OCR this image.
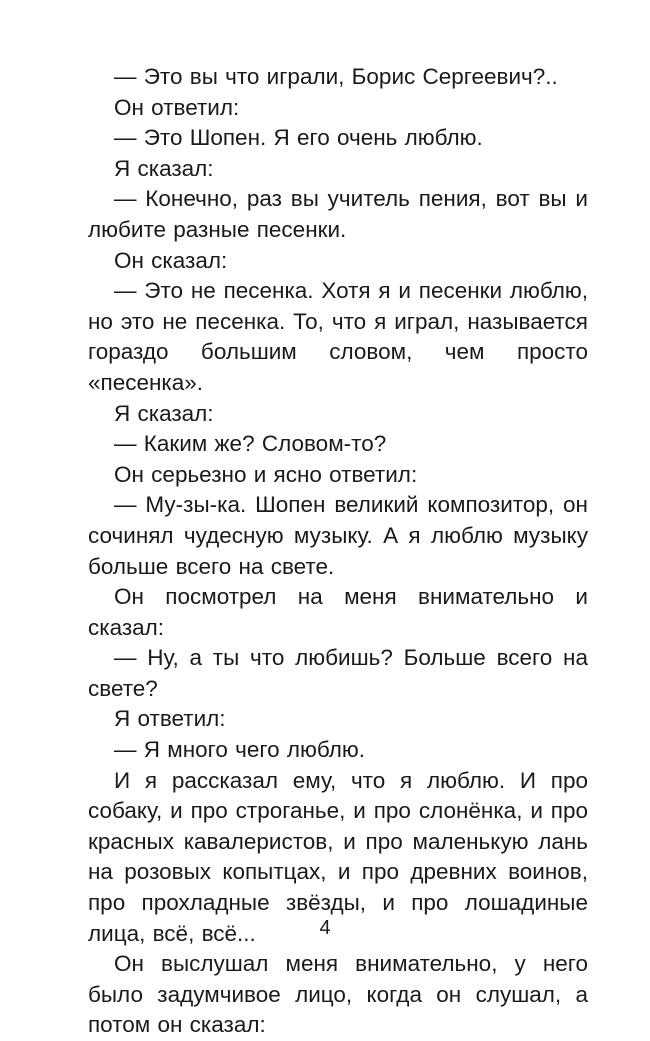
— Это вы что играли, Борис Сергеевич?..

Он ответил:

— Это Шопен. Я его очень люблю.

Я сказал:

— Конечно, раз вы учитель пения, вот вы и любите разные песенки.

Он сказал:

— Это не песенка. Хотя я и песенки люблю, но это не песенка. То, что я играл, называется гораздо большим словом, чем просто «песенка».

Я сказал:

— Каким же? Словом-то?

Он серьезно и ясно ответил:

— Му-зы-ка. Шопен великий композитор, он сочинял чудесную музыку. А я люблю музыку больше всего на свете.

Он посмотрел на меня внимательно и сказал:

— Ну, а ты что любишь? Больше всего на свете?

Я ответил:

— Я много чего люблю.

И я рассказал ему, что я люблю. И про собаку, и про строганье, и про слонёнка, и про красных кавалеристов, и про маленькую лань на розовых копытцах, и про древних воинов, про прохладные звёзды, и про лошадиные лица, всё, всё...

Он выслушал меня внимательно, у него было задумчивое лицо, когда он слушал, а потом он сказал:

4
